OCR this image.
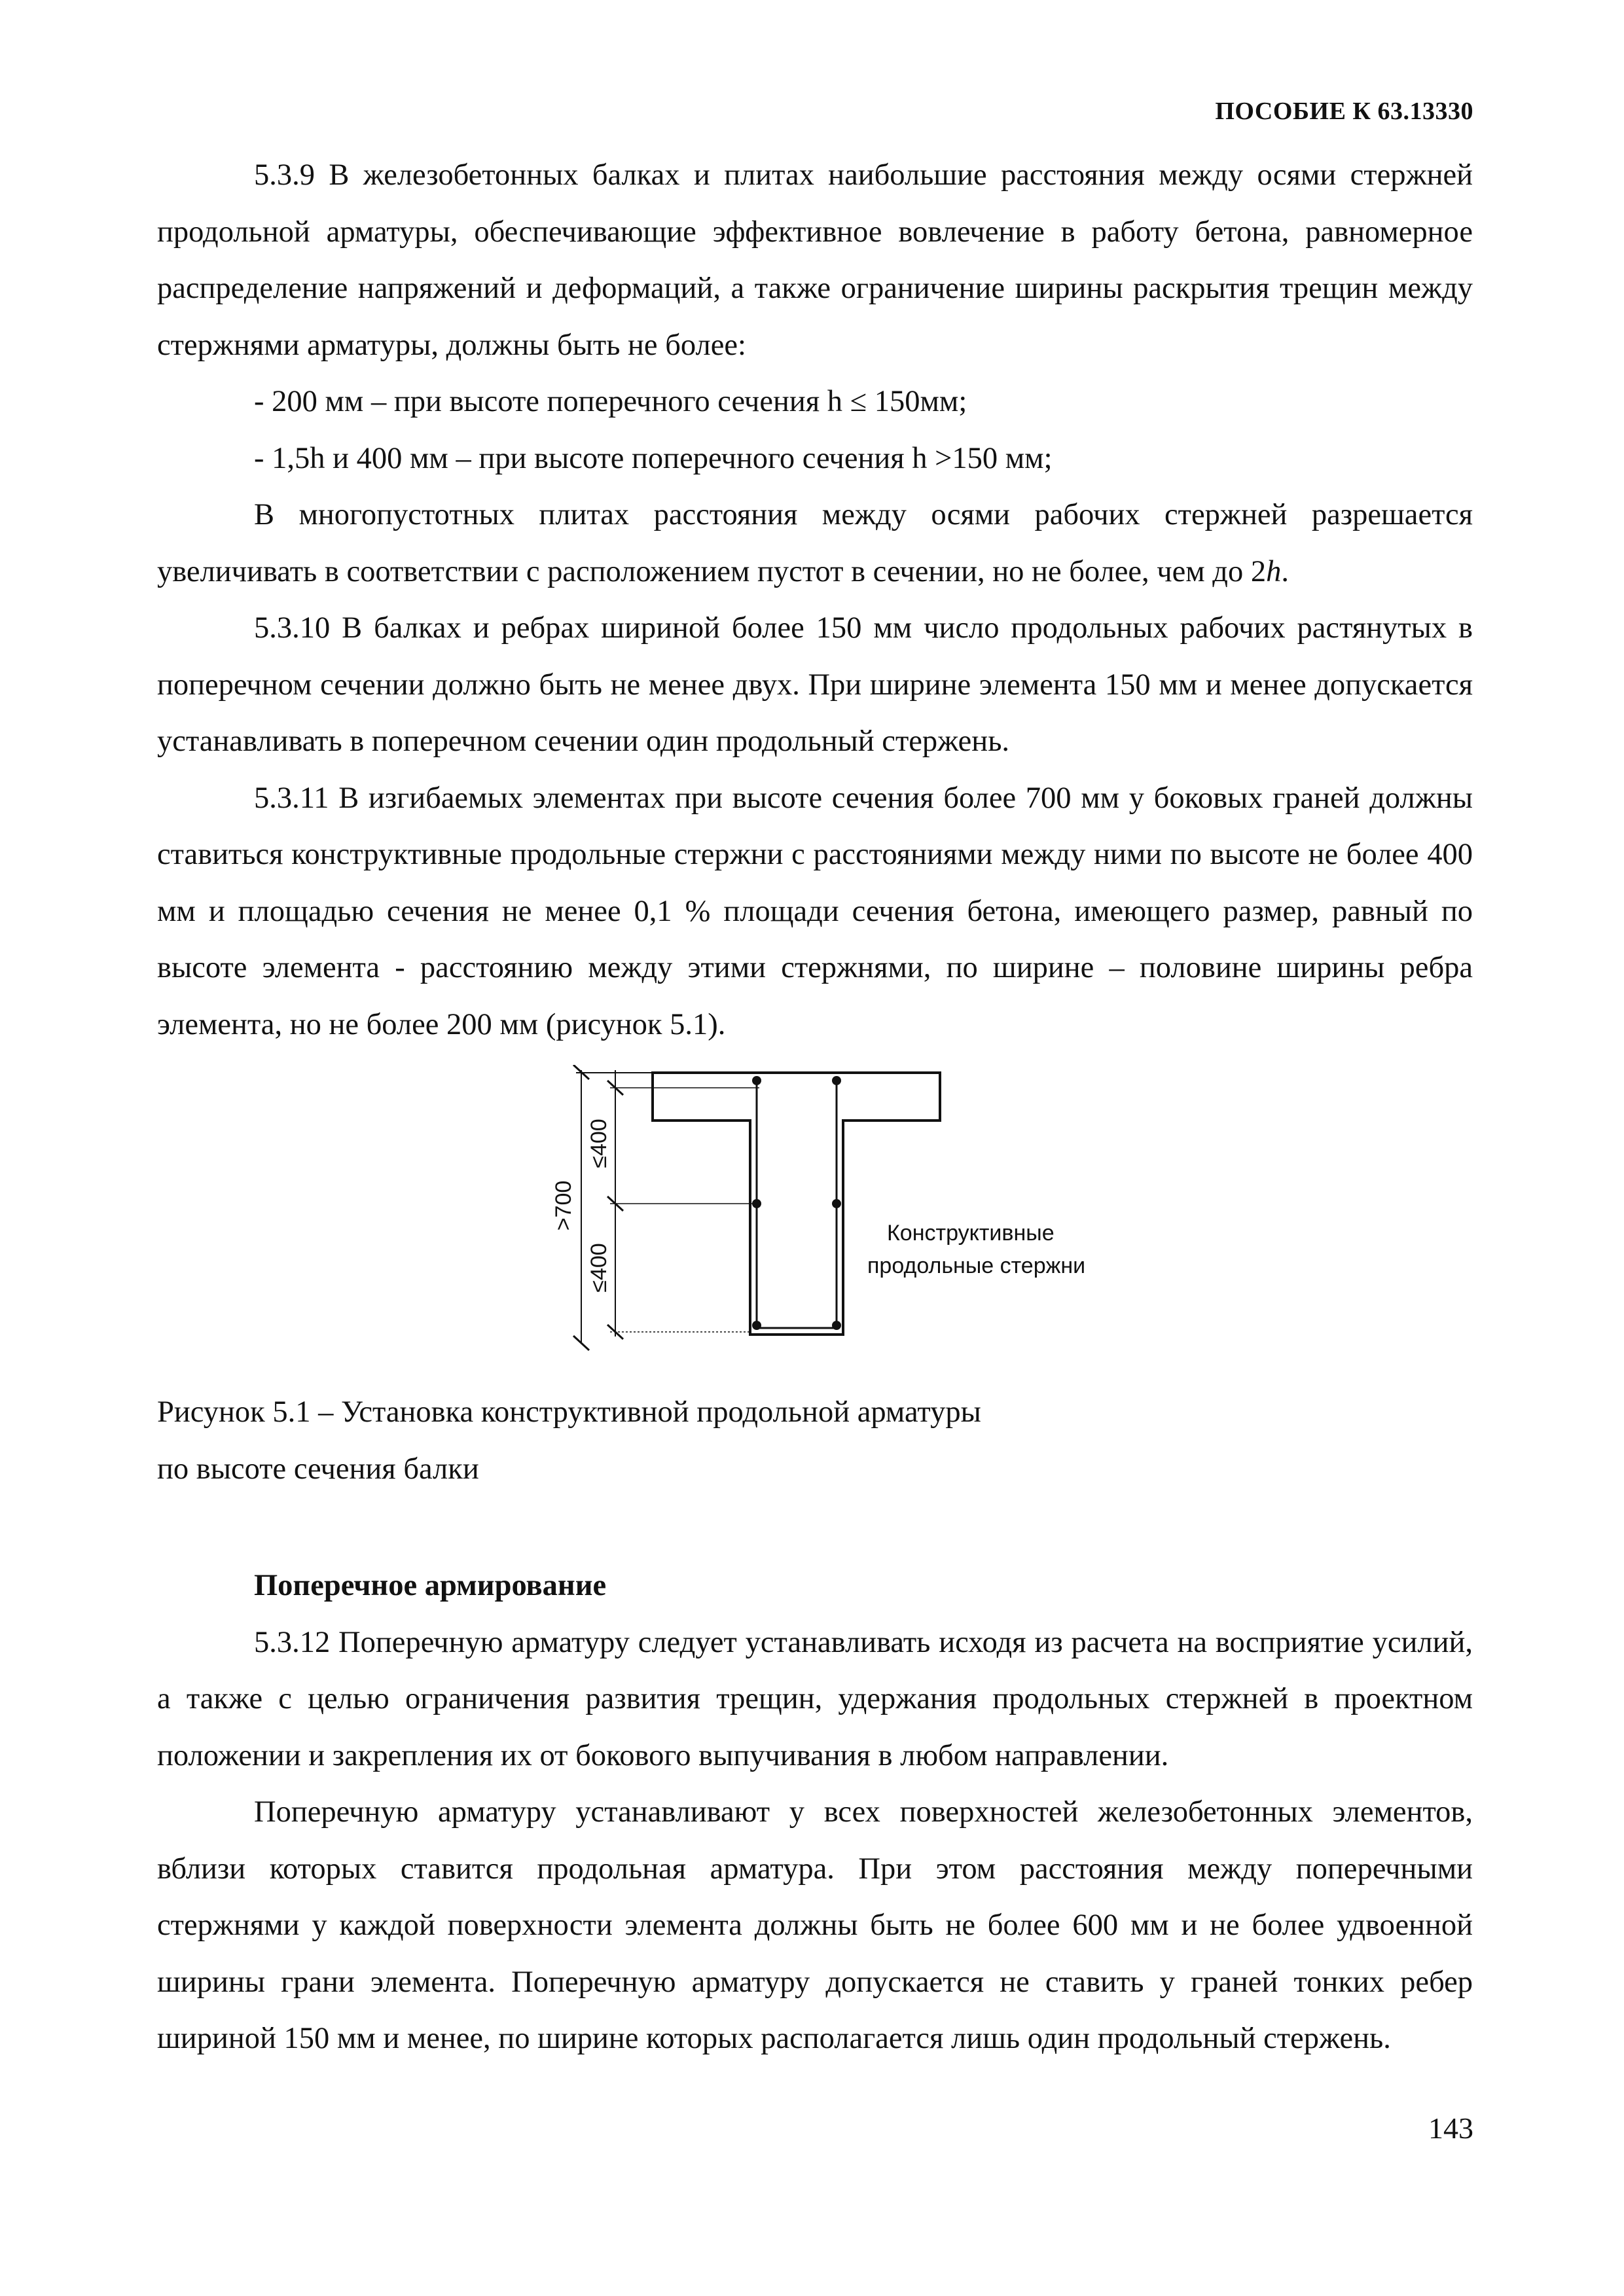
ПОСОБИЕ К 63.13330

5.3.9 В железобетонных балках и плитах наибольшие расстояния между осями стержней продольной арматуры, обеспечивающие эффективное вовлечение в работу бетона, равномерное распределение напряжений и деформаций, а также ограничение ширины раскрытия трещин между стержнями арматуры, должны быть не более:

- 200 мм – при высоте поперечного сечения h ≤ 150мм;

- 1,5h и 400 мм – при высоте поперечного сечения h >150 мм;

В многопустотных плитах расстояния между осями рабочих стержней разрешается увеличивать в соответствии с расположением пустот в сечении, но не более, чем до 2h.

5.3.10 В балках и ребрах шириной более 150 мм число продольных рабочих растянутых в поперечном сечении должно быть не менее двух. При ширине элемента 150 мм и менее допускается устанавливать в поперечном сечении один продольный стержень.

5.3.11 В изгибаемых элементах при высоте сечения более 700 мм у боковых граней должны ставиться конструктивные продольные стержни с расстояниями между ними по высоте не более 400 мм и площадью сечения не менее 0,1 % площади сечения бетона, имеющего размер, равный по высоте элемента - расстоянию между этими стержнями, по ширине – половине ширины ребра элемента, но не более 200 мм (рисунок 5.1).

>700
≤400
≤400
Конструктивные
продольные стержни

Рисунок 5.1 – Установка конструктивной продольной арматуры

по высоте сечения балки

Поперечное армирование

5.3.12 Поперечную арматуру следует устанавливать исходя из расчета на восприятие усилий, а также с целью ограничения развития трещин, удержания продольных стержней в проектном положении и закрепления их от бокового выпучивания в любом направлении.

Поперечную арматуру устанавливают у всех поверхностей железобетонных элементов, вблизи которых ставится продольная арматура. При этом расстояния между поперечными стержнями у каждой поверхности элемента должны быть не более 600 мм и не более удвоенной ширины грани элемента. Поперечную арматуру допускается не ставить у граней тонких ребер шириной 150 мм и менее, по ширине которых располагается лишь один продольный стержень.

143
